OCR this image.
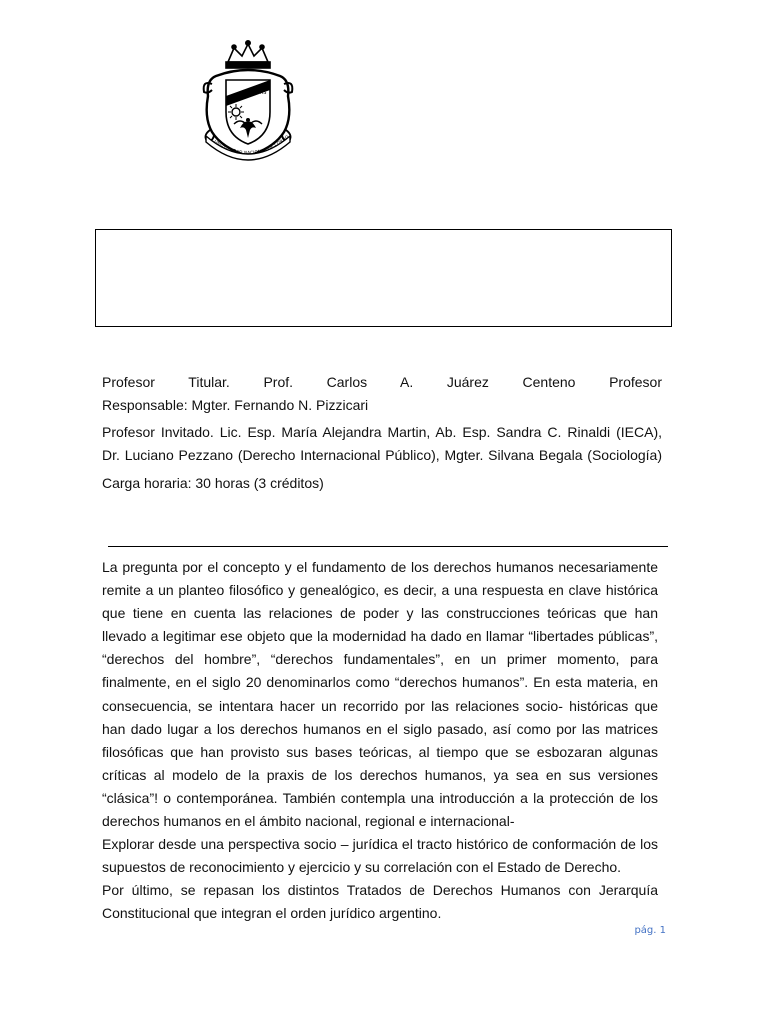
IHS
UNIVERSIDAD NACIONAL DE CORDO

Profesor Titular. Prof. Carlos A. Juárez Centeno Profesor

Responsable: Mgter. Fernando N. Pizzicari

Profesor Invitado. Lic. Esp. María Alejandra Martin, Ab. Esp. Sandra C. Rinaldi (IECA),

Dr. Luciano Pezzano (Derecho Internacional Público), Mgter. Silvana Begala (Sociología)

Carga horaria: 30 horas (3 créditos)

La pregunta por el concepto y el fundamento de los derechos humanos necesariamente remite a un planteo filosófico y genealógico, es decir, a una respuesta en clave histórica que tiene en cuenta las relaciones de poder y las construcciones teóricas que han llevado a legitimar ese objeto que la modernidad ha dado en llamar “libertades públicas”, “derechos del hombre”, “derechos fundamentales”, en un primer momento, para finalmente, en el siglo 20 denominarlos como “derechos humanos”. En esta materia, en consecuencia, se intentara hacer un recorrido por las relaciones socio- históricas que han dado lugar a los derechos humanos en el siglo pasado, así como por las matrices filosóficas que han provisto sus bases teóricas, al tiempo que se esbozaran algunas críticas al modelo de la praxis de los derechos humanos, ya sea en sus versiones “clásica”! o contemporánea. También contempla una introducción a la protección de los derechos humanos en el ámbito nacional, regional e internacional-

Explorar desde una perspectiva socio – jurídica el tracto histórico de conformación de los supuestos de reconocimiento y ejercicio y su correlación con el Estado de Derecho.

Por último, se repasan los distintos Tratados de Derechos Humanos con Jerarquía Constitucional que integran el orden jurídico argentino.

pág. 1
